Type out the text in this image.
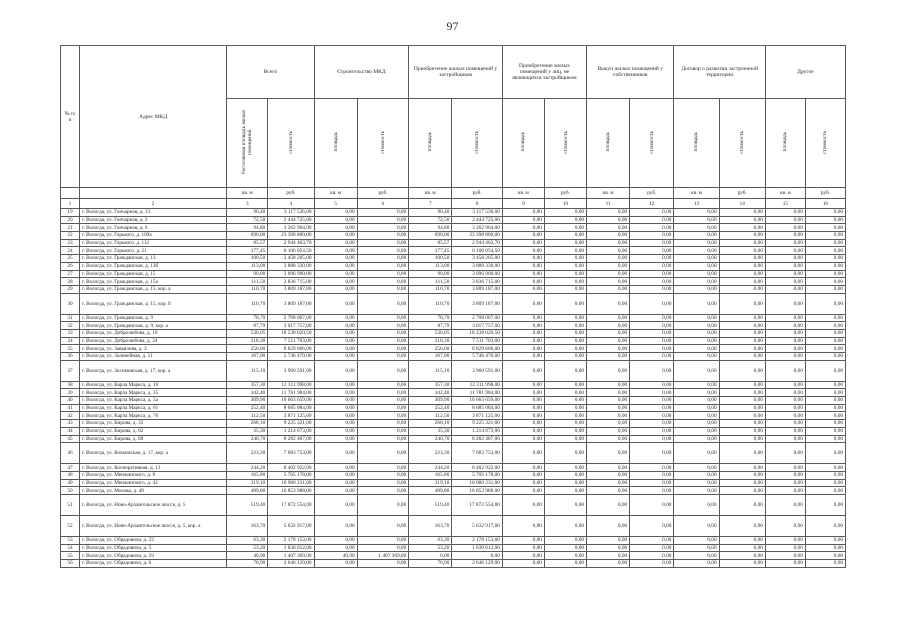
97
№ п/п	Адрес МКД	Всего		Строительство МКД		Приобретение жилых помещений у застройщиков		Приобретение жилых помещений у лиц, не являющихся застройщиком		Выкуп жилых помещений у собственников		Договор о развитии застроенной территории		Другое	
		Расселяемая площадь жилых помещений	стоимость	площадь	стоимость	площадь	стоимость	площадь	стоимость	площадь	стоимость	площадь	стоимость	площадь	стоимость
		кв. м	руб.	кв. м	руб.	кв. м	руб.	кв. м	руб.	кв. м	руб.	кв. м	руб.	кв. м	руб.
1	2	3	4	5	6	7	8	9	10	11	12	13	14	15	16
19	г. Вологда, ул. Гончарная, д. 13	90,40	3 117 536,00	0,00	0,00	90,40	3 117 536,00	0,00	0,00	0,00	0,00	0,00	0,00	0,00	0,00
20	г. Вологда, ул. Гончарная, д. 2	72,50	2 444 725,00	0,00	0,00	72,50	2 444 725,00	0,00	0,00	0,00	0,00	0,00	0,00	0,00	0,00
21	г. Вологда, ул. Гончарная, д. 6	94,80	3 262 964,00	0,00	0,00	94,80	3 262 964,00	0,00	0,00	0,00	0,00	0,00	0,00	0,00	0,00
22	г. Вологда, ул. Горького, д. 109а	690,00	23 398 800,00	0,00	0,00	690,00	23 398 800,00	0,00	0,00	0,00	0,00	0,00	0,00	0,00	0,00
23	г. Вологда, ул. Горького, д. 112	85,57	2 944 463,70	0,00	0,00	85,57	2 944 463,70	0,00	0,00	0,00	0,00	0,00	0,00	0,00	0,00
24	г. Вологда, ул. Горького, д. 21	177,45	6 106 054,50	0,00	0,00	177,45	6 106 054,50	0,00	0,00	0,00	0,00	0,00	0,00	0,00	0,00
25	г. Вологда, ул. Гражданская, д. 13	100,50	3 458 205,00	0,00	0,00	100,50	3 458 205,00	0,00	0,00	0,00	0,00	0,00	0,00	0,00	0,00
26	г. Вологда, ул. Гражданская, д. 13б	113,00	3 888 330,00	0,00	0,00	113,00	3 888 330,00	0,00	0,00	0,00	0,00	0,00	0,00	0,00	0,00
27	г. Вологда, ул. Гражданская, д. 15	90,00	3 096 900,00	0,00	0,00	90,00	3 096 900,00	0,00	0,00	0,00	0,00	0,00	0,00	0,00	0,00
28	г. Вологда, ул. Гражданская, д. 15а	111,50	3 836 715,00	0,00	0,00	111,50	3 836 715,00	0,00	0,00	0,00	0,00	0,00	0,00	0,00	0,00
29	г. Вологда, ул. Гражданская, д. 15, кор. а	110,70	3 809 187,00	0,00	0,00	110,70	3 809 187,00	0,00	0,00	0,00	0,00	0,00	0,00	0,00	0,00
30	г. Вологда, ул. Гражданская, д. 15, кор. б	110,70	3 809 187,00	0,00	0,00	110,70	3 809 187,00	0,00	0,00	0,00	0,00	0,00	0,00	0,00	0,00
31	г. Вологда, ул. Гражданская, д. 9	78,70	2 708 067,00	0,00	0,00	78,70	2 708 067,00	0,00	0,00	0,00	0,00	0,00	0,00	0,00	0,00
32	г. Вологда, ул. Гражданская, д. 9, кор. а	87,79	3 017 757,00	0,00	0,00	87,79	3 017 757,00	0,00	0,00	0,00	0,00	0,00	0,00	0,00	0,00
33	г. Вологда, ул. Добролюбова, д. 10	530,05	18 238 020,50	0,00	0,00	530,05	18 238 020,50	0,00	0,00	0,00	0,00	0,00	0,00	0,00	0,00
34	г. Вологда, ул. Добролюбова, д. 24	218,30	7 511 703,00	0,00	0,00	218,30	7 511 703,00	0,00	0,00	0,00	0,00	0,00	0,00	0,00	0,00
35	г. Вологда, ул. Завьялова, д. 3	256,60	8 829 606,00	0,00	0,00	256,60	8 829 606,00	0,00	0,00	0,00	0,00	0,00	0,00	0,00	0,00
36	г. Вологда, ул. Залинейная, д. 11	167,00	5 746 470,00	0,00	0,00	167,00	5 746 470,00	0,00	0,00	0,00	0,00	0,00	0,00	0,00	0,00
37	г. Вологда, ул. Зосимовская, д. 17, кор. а	115,10	3 960 591,00	0,00	0,00	115,10	3 960 591,00	0,00	0,00	0,00	0,00	0,00	0,00	0,00	0,00
38	г. Вологда, ул. Карла Маркса, д. 16	357,30	12 311 998,00	0,00	0,00	357,30	12 311 998,00	0,00	0,00	0,00	0,00	0,00	0,00	0,00	0,00
39	г. Вологда, ул. Карла Маркса, д. 35	342,40	11 781 984,00	0,00	0,00	342,40	11 781 984,00	0,00	0,00	0,00	0,00	0,00	0,00	0,00	0,00
40	г. Вологда, ул. Карла Маркса, д. 5а	309,90	10 663 659,00	0,00	0,00	309,90	10 663 659,00	0,00	0,00	0,00	0,00	0,00	0,00	0,00	0,00
41	г. Вологда, ул. Карла Маркса, д. 61	252,40	8 685 084,00	0,00	0,00	252,40	8 685 084,00	0,00	0,00	0,00	0,00	0,00	0,00	0,00	0,00
42	г. Вологда, ул. Карла Маркса, д. 76	112,50	3 871 125,00	0,00	0,00	112,50	3 871 125,00	0,00	0,00	0,00	0,00	0,00	0,00	0,00	0,00
43	г. Вологда, ул. Кирова, д. 33	268,10	9 225 321,00	0,00	0,00	268,10	9 225 321,00	0,00	0,00	0,00	0,00	0,00	0,00	0,00	0,00
44	г. Вологда, ул. Кирова, д. 82	35,30	1 214 673,00	0,00	0,00	35,30	1 214 673,00	0,00	0,00	0,00	0,00	0,00	0,00	0,00	0,00
45	г. Вологда, ул. Кирова, д. 88	240,70	8 282 487,00	0,00	0,00	240,70	8 282 487,00	0,00	0,00	0,00	0,00	0,00	0,00	0,00	0,00
46	г. Вологда, ул. Кочкомская, д. 17, кор. а	223,30	7 683 753,00	0,00	0,00	223,30	7 683 753,00	0,00	0,00	0,00	0,00	0,00	0,00	0,00	0,00
47	г. Вологда, ул. Кооперативная, д. 13	244,20	8 402 922,00	0,00	0,00	244,20	8 402 922,00	0,00	0,00	0,00	0,00	0,00	0,00	0,00	0,00
48	г. Вологда, ул. Менжинского, д. 8	165,80	5 705 178,00	0,00	0,00	165,80	5 705 178,00	0,00	0,00	0,00	0,00	0,00	0,00	0,00	0,00
49	г. Вологда, ул. Менжинского, д. 42	319,10	10 980 231,00	0,00	0,00	319,10	10 980 231,00	0,00	0,00	0,00	0,00	0,00	0,00	0,00	0,00
50	г. Вологда, ул. Мохова, д. 48	489,80	16 853 988,00	0,00	0,00	489,80	16 853 988,00	0,00	0,00	0,00	0,00	0,00	0,00	0,00	0,00
51	г. Вологда, ул. Ново-Архангельское шоссе, д. 5	519,40	17 872 554,00	0,00	0,00	519,40	17 872 554,00	0,00	0,00	0,00	0,00	0,00	0,00	0,00	0,00
52	г. Вологда, ул. Ново-Архангельское шоссе, д. 5, кор. а	163,70	5 632 917,00	0,00	0,00	163,70	5 632 917,00	0,00	0,00	0,00	0,00	0,00	0,00	0,00	0,00
53	г. Вологда, ул. Обрадовича, д. 22	63,30	2 178 153,00	0,00	0,00	63,30	2 178 153,00	0,00	0,00	0,00	0,00	0,00	0,00	0,00	0,00
54	г. Вологда, ул. Обрадовича, д. 5	53,20	1 830 612,00	0,00	0,00	53,20	1 830 612,00	0,00	0,00	0,00	0,00	0,00	0,00	0,00	0,00
55	г. Вологда, ул. Обрадовича, д. 59	40,90	1 407 369,00	40,90	1 407 369,00	0,00	0,00	0,00	0,00	0,00	0,00	0,00	0,00	0,00	0,00
56	г. Вологда, ул. Обрадовича, д. 6	76,90	2 646 129,00	0,00	0,00	76,90	2 646 129,00	0,00	0,00	0,00	0,00	0,00	0,00	0,00	0,00
